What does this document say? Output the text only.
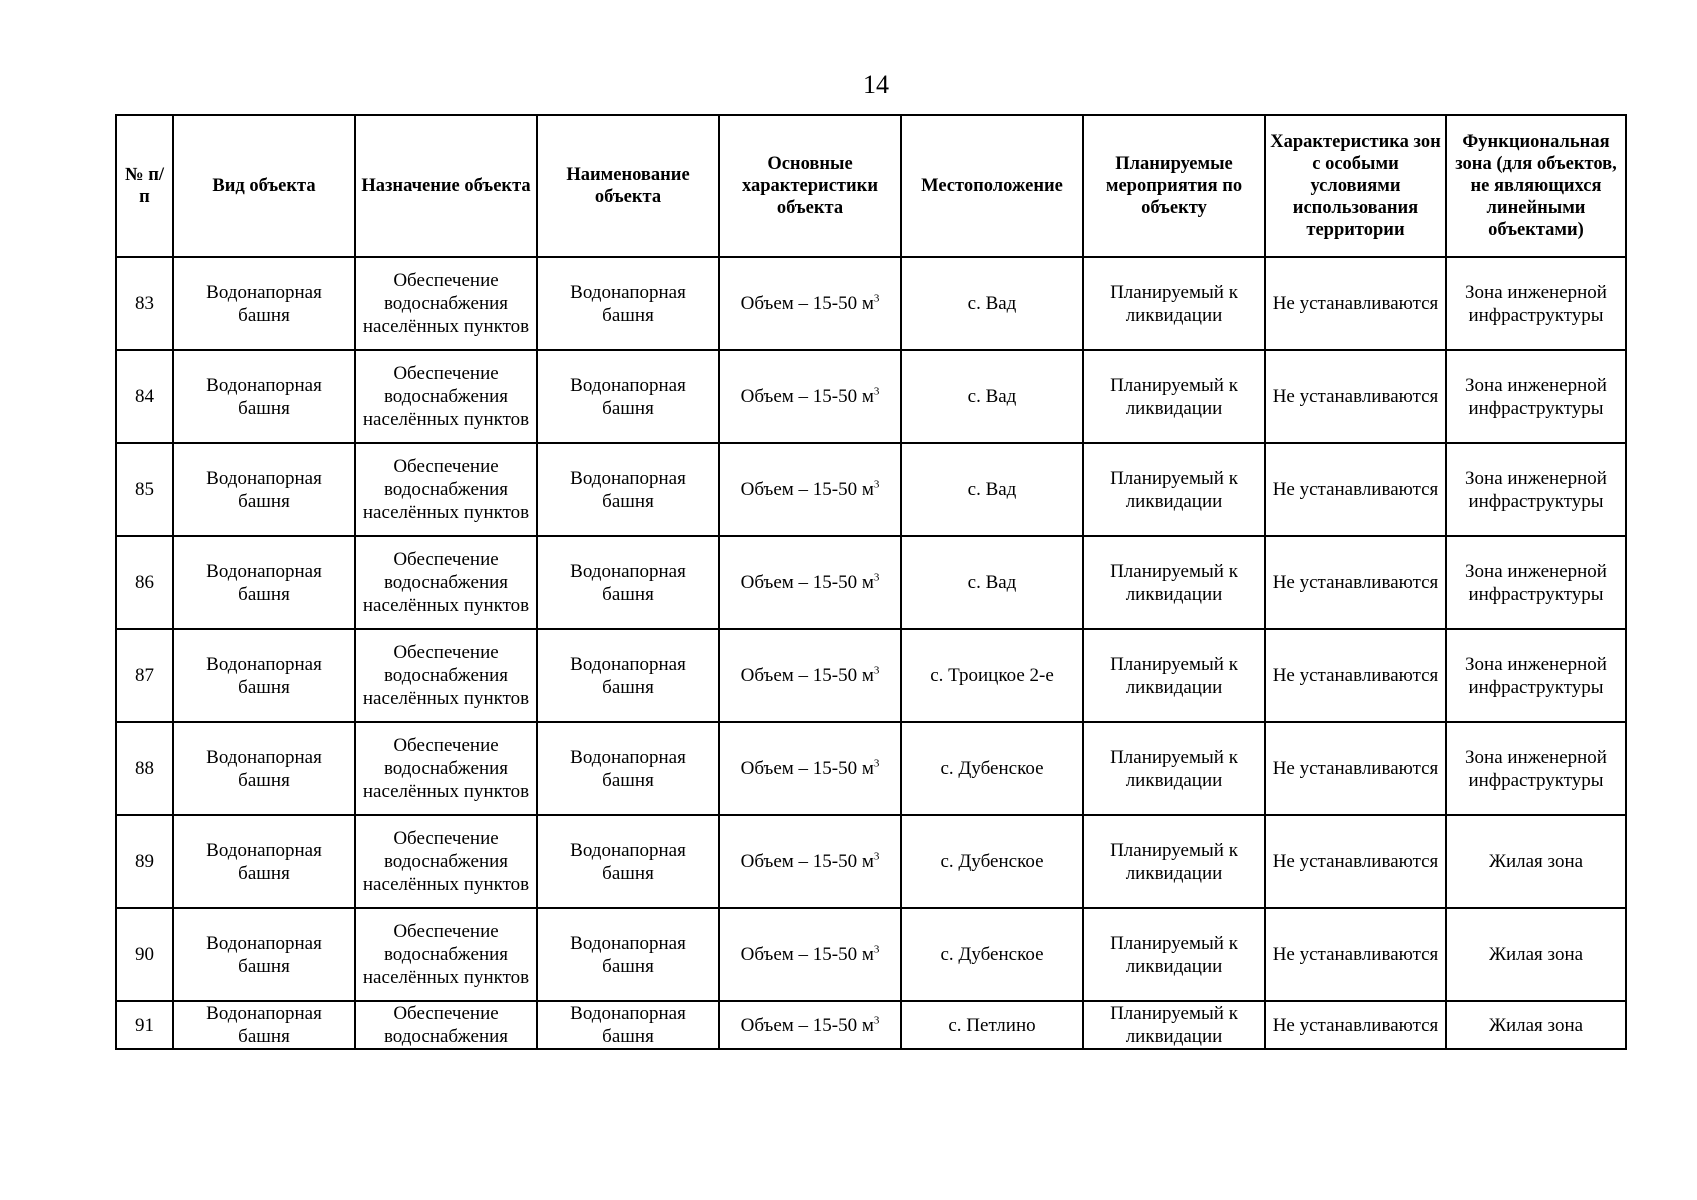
14
№ п/п	Вид объекта	Назначение объекта	Наименование объекта	Основные характеристики объекта	Местоположение	Планируемые мероприятия по объекту	Характеристика зон с особыми условиями использования территории	Функциональная зона (для объектов, не являющихся линейными объектами)

83	Водонапорная башня	Обеспечение водоснабжения населённых пунктов	Водонапорная башня	Объем – 15-50 $м^3$	с. Вад	Планируемый к ликвидации	Не устанавливаются	Зона инженерной инфраструктуры

84	Водонапорная башня	Обеспечение водоснабжения населённых пунктов	Водонапорная башня	Объем – 15-50 $м^3$	с. Вад	Планируемый к ликвидации	Не устанавливаются	Зона инженерной инфраструктуры

85	Водонапорная башня	Обеспечение водоснабжения населённых пунктов	Водонапорная башня	Объем – 15-50 $м^3$	с. Вад	Планируемый к ликвидации	Не устанавливаются	Зона инженерной инфраструктуры

86	Водонапорная башня	Обеспечение водоснабжения населённых пунктов	Водонапорная башня	Объем – 15-50 $м^3$	с. Вад	Планируемый к ликвидации	Не устанавливаются	Зона инженерной инфраструктуры

87	Водонапорная башня	Обеспечение водоснабжения населённых пунктов	Водонапорная башня	Объем – 15-50 $м^3$	с. Троицкое 2-е	Планируемый к ликвидации	Не устанавливаются	Зона инженерной инфраструктуры

88	Водонапорная башня	Обеспечение водоснабжения населённых пунктов	Водонапорная башня	Объем – 15-50 $м^3$	с. Дубенское	Планируемый к ликвидации	Не устанавливаются	Зона инженерной инфраструктуры

89	Водонапорная башня	Обеспечение водоснабжения населённых пунктов	Водонапорная башня	Объем – 15-50 $м^3$	с. Дубенское	Планируемый к ликвидации	Не устанавливаются	Жилая зона

90	Водонапорная башня	Обеспечение водоснабжения населённых пунктов	Водонапорная башня	Объем – 15-50 $м^3$	с. Дубенское	Планируемый к ликвидации	Не устанавливаются	Жилая зона

91	Водонапорная башня	Обеспечение водоснабжения	Водонапорная башня	Объем – 15-50 $м^3$	с. Петлино	Планируемый к ликвидации	Не устанавливаются	Жилая зона
